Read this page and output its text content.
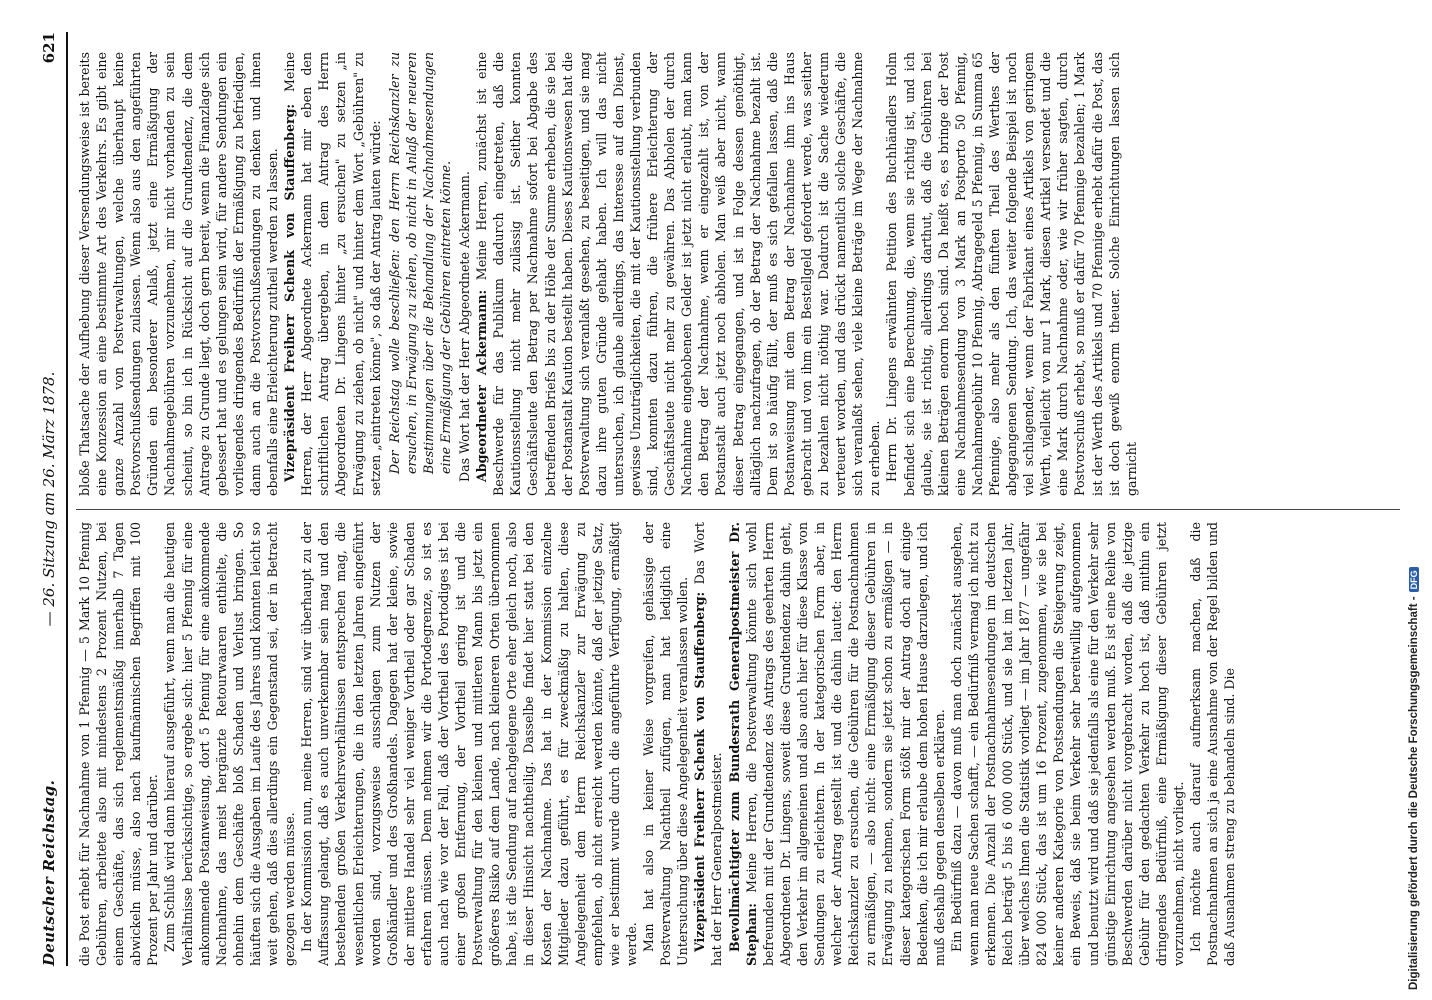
Deutscher Reichstag.
— 26. Sitzung am 26. März 1878.
621

die Post erhebt für Nachnahme von 1 Pfennig — 5 Mark 10 Pfennig Gebühren, arbeitete also mit mindestens 2 Prozent Nutzen, bei einem Geschäfte, das sich reglementsmäßig innerhalb 7 Tagen abwickeln müsse, also nach kaufmännischen Begriffen mit 100 Prozent per Jahr und darüber. Zum Schluß wird dann hierauf ausgeführt, wenn man die heutigen Verhältnisse berücksichtige, so ergebe sich: hier 5 Pfennig für eine ankommende Postanweisung, dort 5 Pfennig für eine ankommende Nachnahme, das meist hergänzte Retourwaaren enthielte, die ohnehin dem Geschäfte bloß Schaden und Verlust bringen. So häuften sich die Ausgaben im Laufe des Jahres und könnten leicht so weit gehen, daß dies allerdings ein Gegenstand sei, der in Betracht gezogen werden müsse. In der Kommission nun, meine Herren, sind wir überhaupt zu der Auffassung gelangt, daß es auch unverkennbar sein mag und den bestehenden großen Verkehrsverhältnissen entsprechen mag, die wesentlichen Erleichterungen, die in den letzten Jahren eingeführt worden sind, vorzugsweise ausschlagen zum Nutzen der Großhändler und des Großhandels. Dagegen hat der kleine, sowie der mittlere Handel sehr viel weniger Vortheil oder gar Schaden erfahren müssen. Denn nehmen wir die Portodegrenze, so ist es auch nach wie vor der Fall, daß der Vortheil des Portodiges ist bei einer großen Entfernung, der Vortheil gering ist und die Postverwaltung für den kleinen und mittleren Mann bis jetzt ein größeres Risiko auf dem Lande, nach kleineren Orten übernommen habe, ist die Sendung auf nachgelegene Orte eher gleich noch, also in dieser Hinsicht nachtheilig. Dasselbe findet hier statt bei den Kosten der Nachnahme. Das hat in der Kommission einzelne Mitglieder dazu geführt, es für zweckmäßig zu halten, diese Angelegenheit dem Herrn Reichskanzler zur Erwägung zu empfehlen, ob nicht erreicht werden könnte, daß der jetzige Satz, wie er bestimmt wurde durch die angeführte Verfügung, ermäßigt werde. Man hat also in keiner Weise vorgreifen, gehässige der Postverwaltung Nachtheil zufügen, man hat lediglich eine Untersuchung über diese Angelegenheit veranlassen wollen. Vizepräsident Freiherr Schenk von Stauffenberg: Das Wort hat der Herr Generalpostmeister. Bevollmächtigter zum Bundesrath Generalpostmeister Dr. Stephan: Meine Herren, die Postverwaltung könnte sich wohl befreunden mit der Grundtendenz des Antrags des geehrten Herrn Abgeordneten Dr. Lingens, soweit diese Grundtendenz dahin geht, den Verkehr im allgemeinen und also auch hier für diese Klasse von Sendungen zu erleichtern. In der kategorischen Form aber, in welcher der Antrag gestellt ist und die dahin lautet: den Herrn Reichskanzler zu ersuchen, die Gebühren für die Postnachnahmen zu ermäßigen, — also nicht: eine Ermäßigung dieser Gebühren in Erwägung zu nehmen, sondern sie jetzt schon zu ermäßigen — in dieser kategorischen Form stößt mir der Antrag doch auf einige Bedenken, die ich mir erlaube dem hohen Hause darzulegen, und ich muß deshalb gegen denselben erklären. Ein Bedürfniß dazu — davon muß man doch zunächst ausgehen, wenn man neue Sachen schafft, — ein Bedürfniß vermag ich nicht zu erkennen. Die Anzahl der Postnachnahmesendungen im deutschen Reich beträgt 5 bis 6 000 000 Stück, und sie hat im letzten Jahr, über welches Ihnen die Statistik vorliegt — im Jahr 1877 — ungefähr 824 000 Stück, das ist um 16 Prozent, zugenommen, wie sie bei keiner anderen Kategorie von Postsendungen die Steigerung zeigt, ein Beweis, daß sie beim Verkehr sehr bereitwillig aufgenommen und benutzt wird und daß sie jedenfalls als eine für den Verkehr sehr günstige Einrichtung angesehen werden muß. Es ist eine Reihe von Beschwerden darüber nicht vorgebracht worden, daß die jetzige Gebühr für den gedachten Verkehr zu hoch ist, daß mithin ein dringendes Bedürfniß, eine Ermäßigung dieser Gebühren jetzt vorzunehmen, nicht vorliegt. Ich möchte auch darauf aufmerksam machen, daß die Postnachnahmen an sich ja eine Ausnahme von der Regel bilden und daß Ausnahmen streng zu behandeln sind. Die

bloße Thatsache der Aufhebung dieser Versendungsweise ist bereits eine Konzession an eine bestimmte Art des Verkehrs. Es gibt eine ganze Anzahl von Postverwaltungen, welche überhaupt keine Postvorschußsendungen zulassen. Wenn also aus den angeführten Gründen ein besonderer Anlaß, jetzt eine Ermäßigung der Nachnahmegebühren vorzunehmen, mir nicht vorhanden zu sein scheint, so bin ich in Rücksicht auf die Grundtendenz, die dem Antrage zu Grunde liegt, doch gern bereit, wenn die Finanzlage sich gebessert hat und es gelungen sein wird, für andere Sendungen ein vorliegendes dringendes Bedürfniß der Ermäßigung zu befriedigen, dann auch an die Postvorschußsendungen zu denken und ihnen ebenfalls eine Erleichterung zutheil werden zu lassen. Vizepräsident Freiherr Schenk von Stauffenberg: Meine Herren, der Herr Abgeordnete Ackermann hat mir eben den schriftlichen Antrag übergeben, in dem Antrag des Herrn Abgeordneten Dr. Lingens hinter „zu ersuchen" zu setzen „in Erwägung zu ziehen, ob nicht" und hinter dem Wort „Gebühren" zu setzen „eintreten könne", so daß der Antrag lauten würde: Der Reichstag wolle beschließen: den Herrn Reichskanzler zu ersuchen, in Erwägung zu ziehen, ob nicht in Anlaß der neueren Bestimmungen über die Behandlung der Nachnahmesendungen eine Ermäßigung der Gebühren eintreten könne. Das Wort hat der Herr Abgeordnete Ackermann. Abgeordneter Ackermann: Meine Herren, zunächst ist eine Beschwerde für das Publikum dadurch eingetreten, daß die Kautionsstellung nicht mehr zulässig ist. Seither konnten Geschäftsleute den Betrag per Nachnahme sofort bei Abgabe des betreffenden Briefs bis zu der Höhe der Summe erheben, die sie bei der Postanstalt Kaution bestellt haben. Dieses Kautionswesen hat die Postverwaltung sich veranlaßt gesehen, zu beseitigen, und sie mag dazu ihre guten Gründe gehabt haben. Ich will das nicht untersuchen, ich glaube allerdings, das Interesse auf den Dienst, gewisse Unzuträglichkeiten, die mit der Kautionsstellung verbunden sind, konnten dazu führen, die frühere Erleichterung der Geschäftsleute nicht mehr zu gewähren. Das Abholen der durch Nachnahme eingehobenen Gelder ist jetzt nicht erlaubt, man kann den Betrag der Nachnahme, wenn er eingezahlt ist, von der Postanstalt auch jetzt noch abholen. Man weiß aber nicht, wann dieser Betrag eingegangen, und ist in Folge dessen genöthigt, alltäglich nachzufragen, ob der Betrag der Nachnahme bezahlt ist. Dem ist so häufig fällt, der muß es sich gefallen lassen, daß die Postanweisung mit dem Betrag der Nachnahme ihm ins Haus gebracht und von ihm ein Bestellgeld gefordert werde, was seither zu bezahlen nicht nöthig war. Dadurch ist die Sache wiederum verteuert worden, und das drückt namentlich solche Geschäfte, die sich veranlaßt sehen, viele kleine Beträge im Wege der Nachnahme zu erheben. Herrn Dr. Lingens erwähnten Petition des Buchhändlers Holm befindet sich eine Berechnung, die, wenn sie richtig ist, und ich glaube, sie ist richtig, allerdings darthut, daß die Gebühren bei kleinen Beträgen enorm hoch sind. Da heißt es, es bringe der Post eine Nachnahmesendung von 3 Mark an Postporto 50 Pfennig, Nachnahmegebühr 10 Pfennig, Abtragegeld 5 Pfennig, in Summa 65 Pfennige, also mehr als den fünften Theil des Werthes der abgegangenen Sendung. Ich, das weiter folgende Beispiel ist noch viel schlagender, wenn der Fabrikant eines Artikels von geringem Werth, vielleicht von nur 1 Mark, diesen Artikel versendet und die eine Mark durch Nachnahme oder, wie wir früher sagten, durch Postvorschuß erhebt, so muß er dafür 70 Pfennige bezahlen; 1 Mark ist der Werth des Artikels und 70 Pfennige erhebt dafür die Post, das ist doch gewiß enorm theuer. Solche Einrichtungen lassen sich garnicht

Digitalisierung gefördert durch die Deutsche Forschungsgemeinschaft -DFG
